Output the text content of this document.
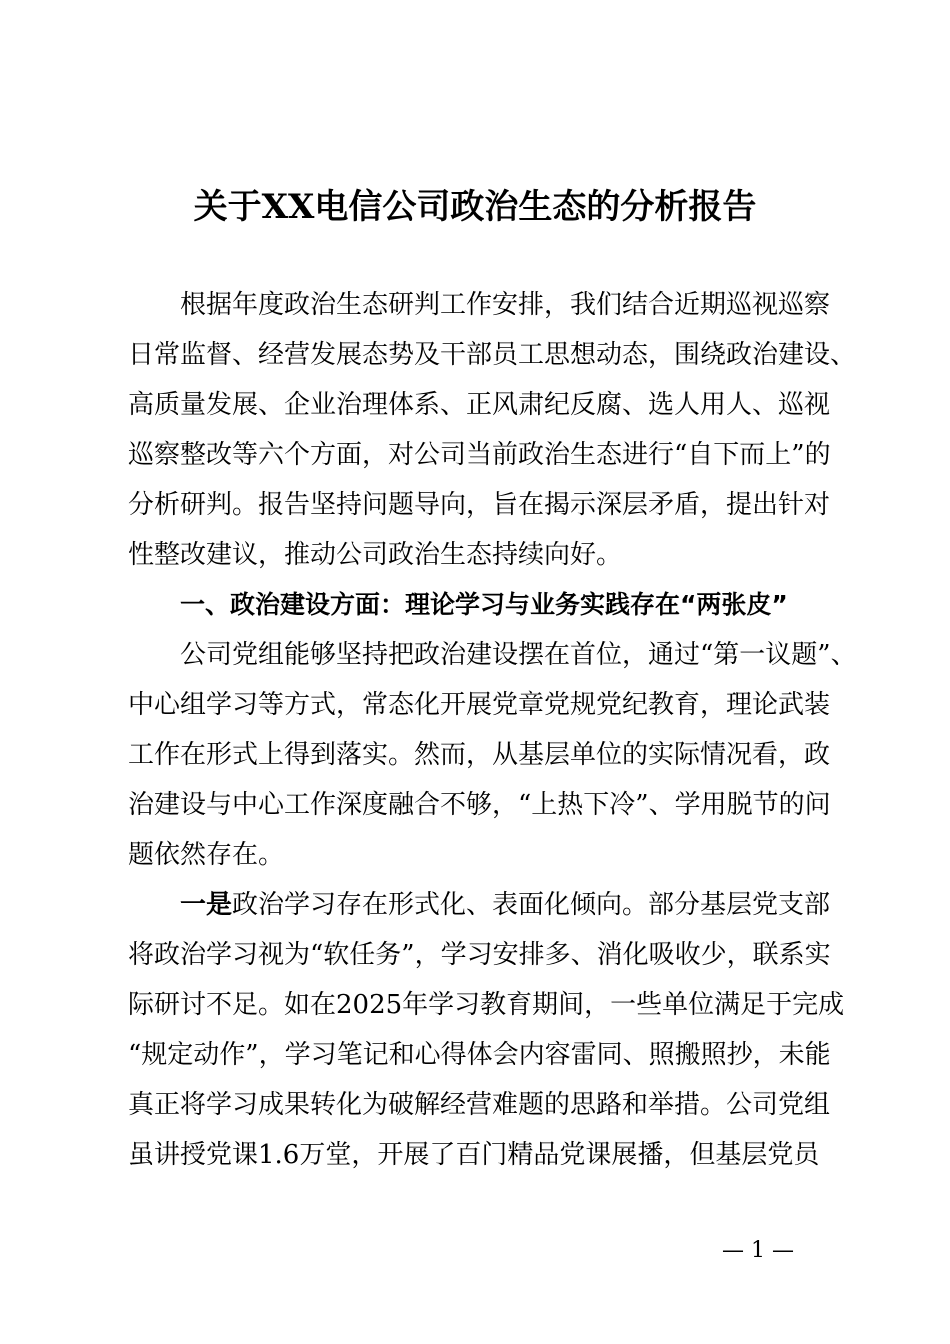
关于XX电信公司政治生态的分析报告
根据年度政治生态研判工作安排，我们结合近期巡视巡察
日常监督、经营发展态势及干部员工思想动态，围绕政治建设、
高质量发展、企业治理体系、正风肃纪反腐、选人用人、巡视
巡察整改等六个方面，对公司当前政治生态进行“自下而上”的
分析研判。报告坚持问题导向，旨在揭示深层矛盾，提出针对
性整改建议，推动公司政治生态持续向好。
一、政治建设方面：理论学习与业务实践存在“两张皮”
公司党组能够坚持把政治建设摆在首位，通过“第一议题”、
中心组学习等方式，常态化开展党章党规党纪教育，理论武装
工作在形式上得到落实。然而，从基层单位的实际情况看，政
治建设与中心工作深度融合不够，“上热下冷”、学用脱节的问
题依然存在。
一是政治学习存在形式化、表面化倾向。部分基层党支部
将政治学习视为“软任务”，学习安排多、消化吸收少，联系实
际研讨不足。如在2025年学习教育期间，一些单位满足于完成
“规定动作”，学习笔记和心得体会内容雷同、照搬照抄，未能
真正将学习成果转化为破解经营难题的思路和举措。公司党组
虽讲授党课1.6万堂，开展了百门精品党课展播，但基层党员
— 1 —
